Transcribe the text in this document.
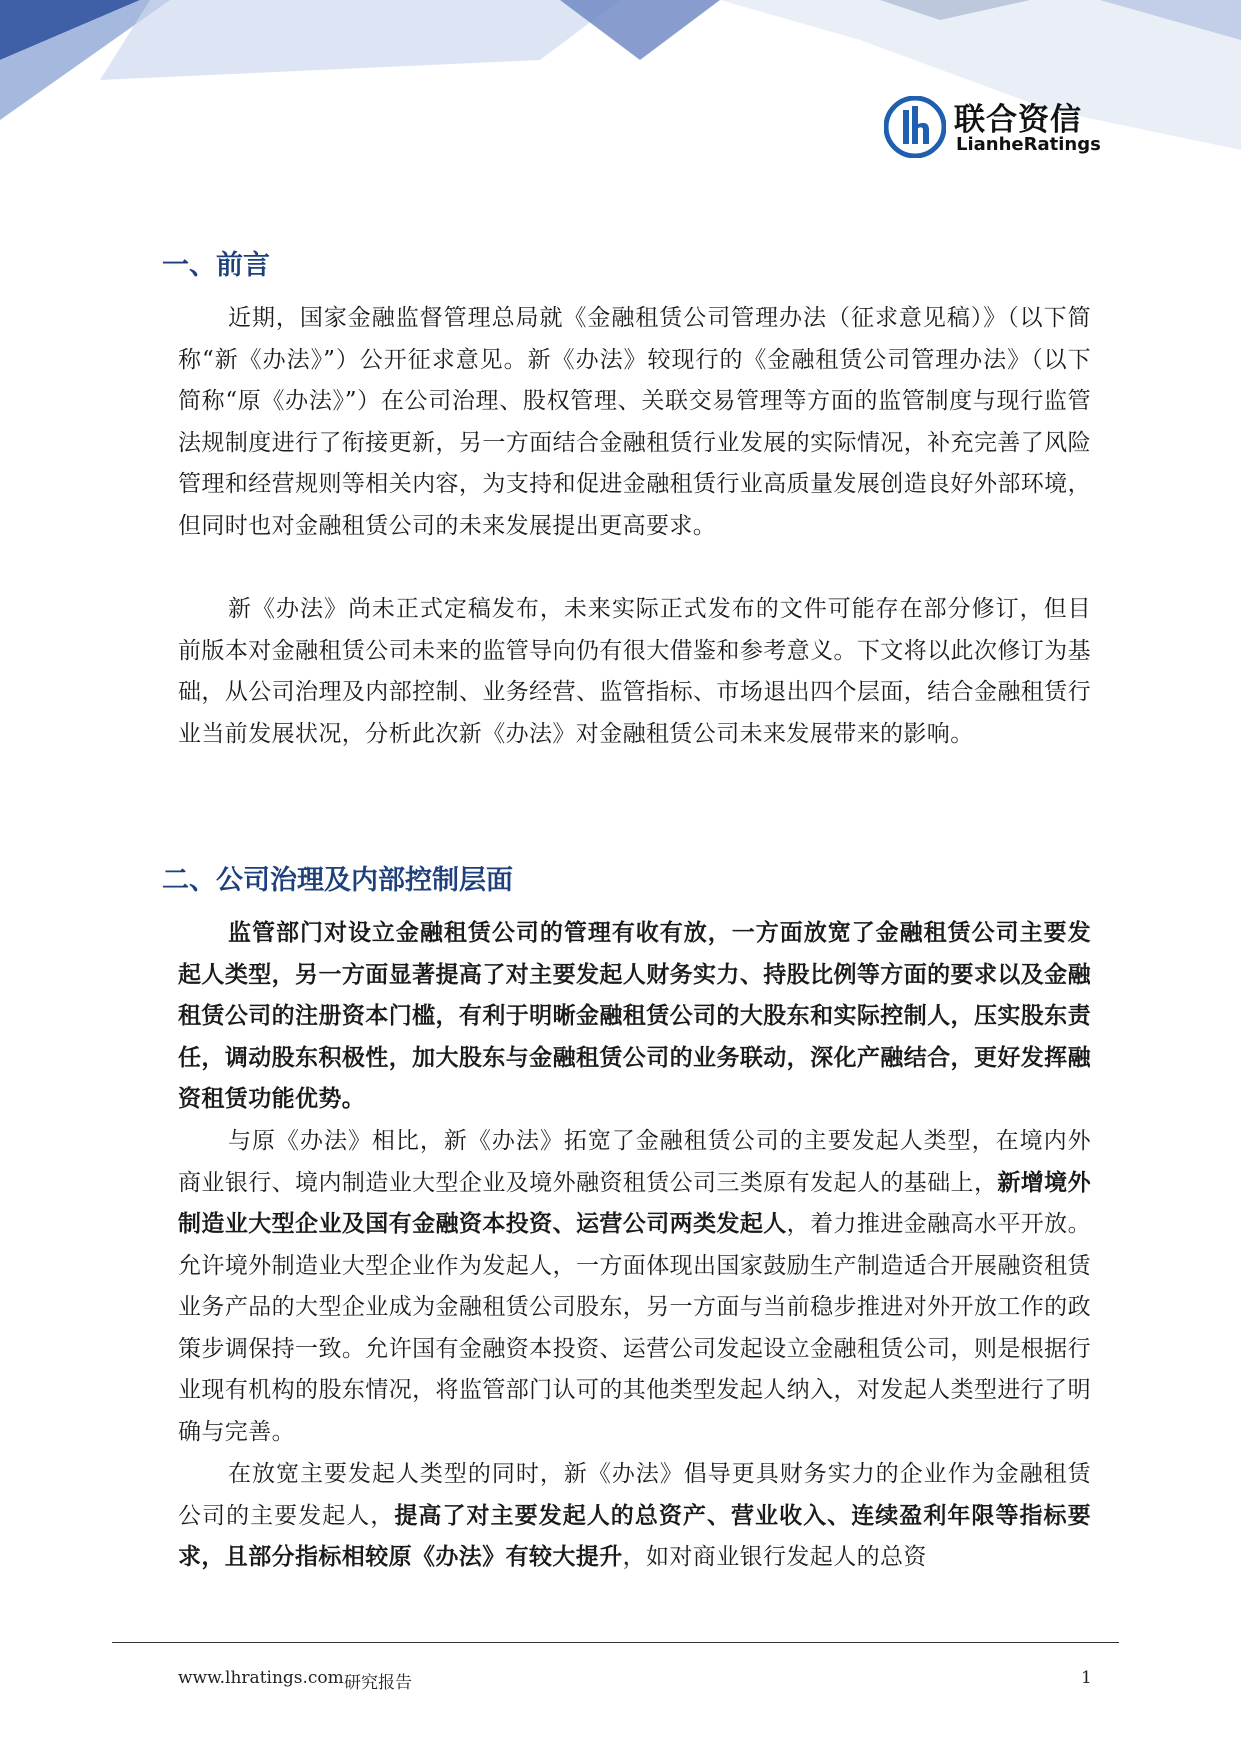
联合资信
LianheRatings
一、前言

近期，国家金融监督管理总局就《金融租赁公司管理办法（征求意见稿）》（以下简称“新《办法》”）公开征求意见。新《办法》较现行的《金融租赁公司管理办法》（以下简称“原《办法》”）在公司治理、股权管理、关联交易管理等方面的监管制度与现行监管法规制度进行了衔接更新，另一方面结合金融租赁行业发展的实际情况，补充完善了风险管理和经营规则等相关内容，为支持和促进金融租赁行业高质量发展创造良好外部环境，但同时也对金融租赁公司的未来发展提出更高要求。

新《办法》尚未正式定稿发布，未来实际正式发布的文件可能存在部分修订，但目前版本对金融租赁公司未来的监管导向仍有很大借鉴和参考意义。下文将以此次修订为基础，从公司治理及内部控制、业务经营、监管指标、市场退出四个层面，结合金融租赁行业当前发展状况，分析此次新《办法》对金融租赁公司未来发展带来的影响。

二、公司治理及内部控制层面

监管部门对设立金融租赁公司的管理有收有放，一方面放宽了金融租赁公司主要发起人类型，另一方面显著提高了对主要发起人财务实力、持股比例等方面的要求以及金融租赁公司的注册资本门槛，有利于明晰金融租赁公司的大股东和实际控制人，压实股东责任，调动股东积极性，加大股东与金融租赁公司的业务联动，深化产融结合，更好发挥融资租赁功能优势。

与原《办法》相比，新《办法》拓宽了金融租赁公司的主要发起人类型，在境内外商业银行、境内制造业大型企业及境外融资租赁公司三类原有发起人的基础上，新增境外制造业大型企业及国有金融资本投资、运营公司两类发起人，着力推进金融高水平开放。允许境外制造业大型企业作为发起人，一方面体现出国家鼓励生产制造适合开展融资租赁业务产品的大型企业成为金融租赁公司股东，另一方面与当前稳步推进对外开放工作的政策步调保持一致。允许国有金融资本投资、运营公司发起设立金融租赁公司，则是根据行业现有机构的股东情况，将监管部门认可的其他类型发起人纳入，对发起人类型进行了明确与完善。

在放宽主要发起人类型的同时，新《办法》倡导更具财务实力的企业作为金融租赁公司的主要发起人，提高了对主要发起人的总资产、营业收入、连续盈利年限等指标要求，且部分指标相较原《办法》有较大提升，如对商业银行发起人的总资

www.lhratings.com 研究报告	1
